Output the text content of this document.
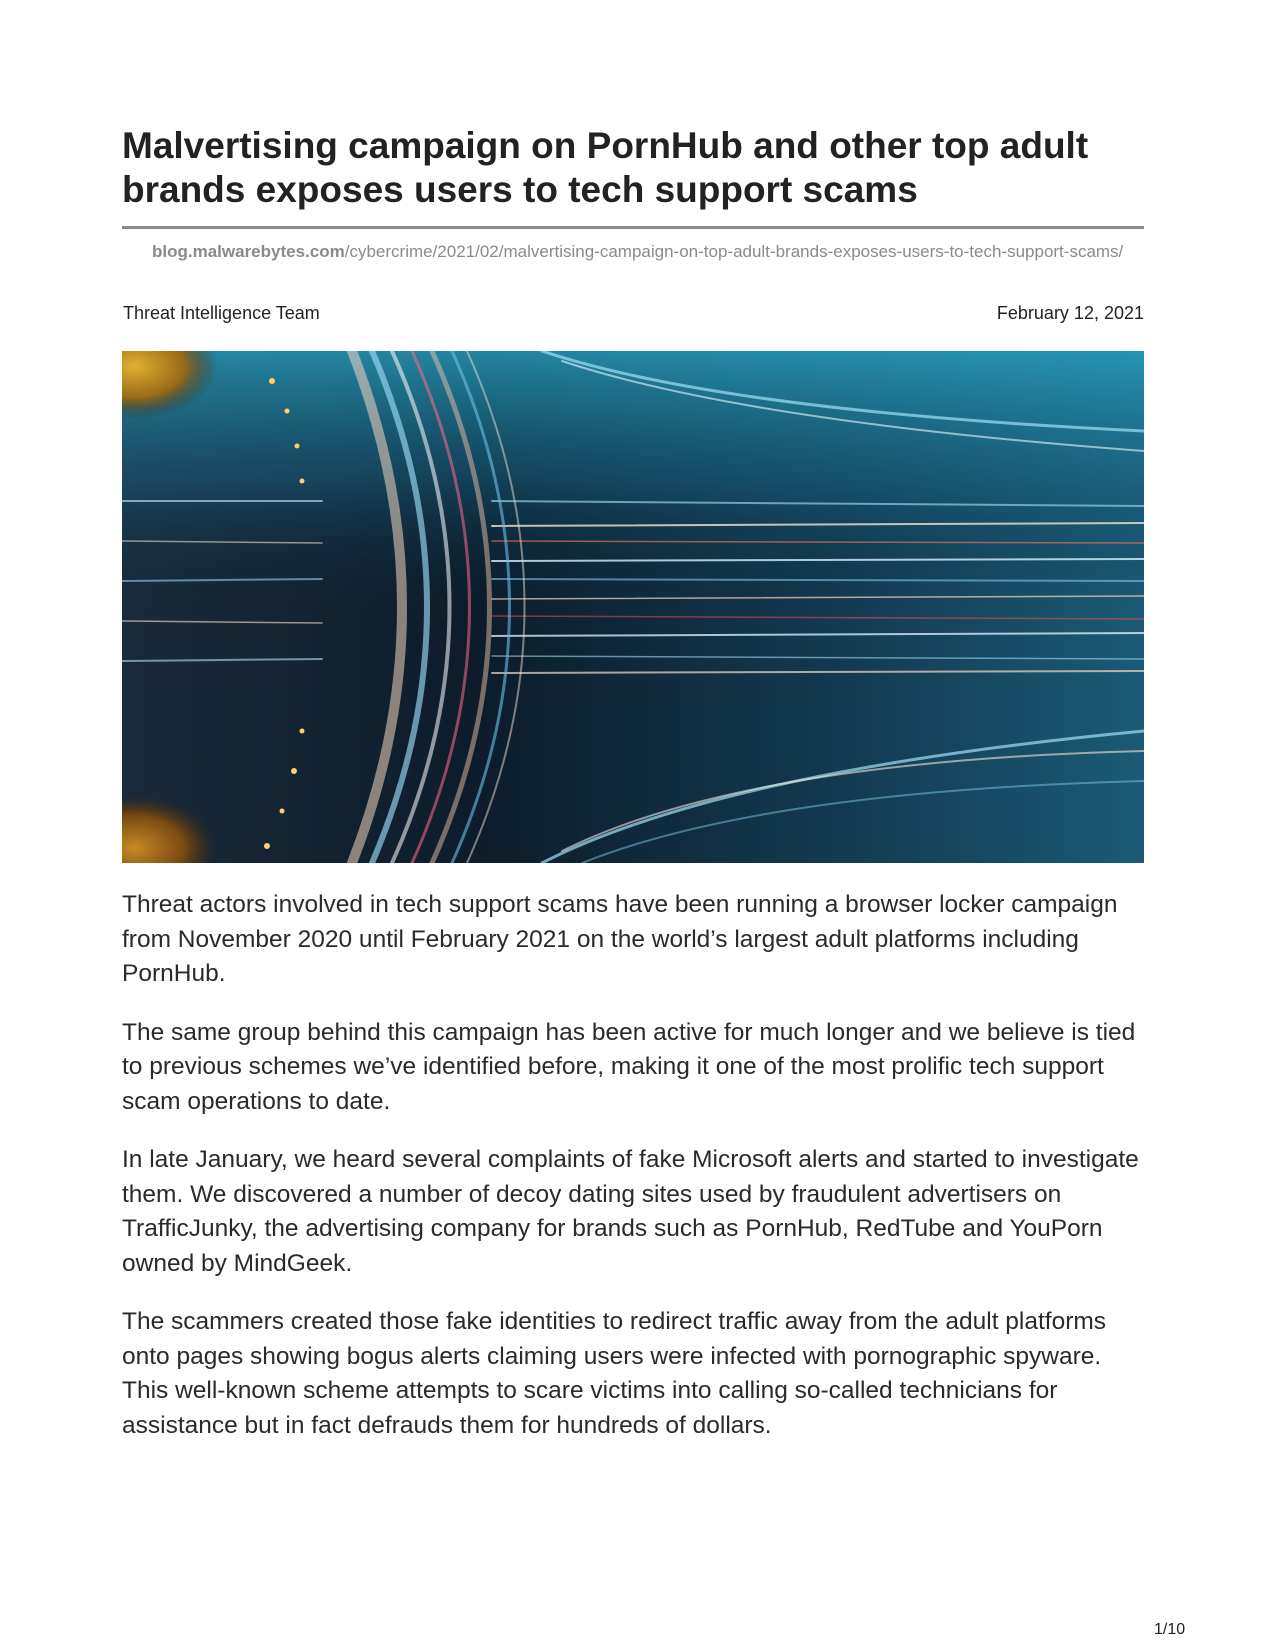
Malvertising campaign on PornHub and other top adult brands exposes users to tech support scams

blog.malwarebytes.com/cybercrime/2021/02/malvertising-campaign-on-top-adult-brands-exposes-users-to-tech-support-scams/

Threat Intelligence Team	February 12, 2021

Threat actors involved in tech support scams have been running a browser locker campaign from November 2020 until February 2021 on the world’s largest adult platforms including PornHub.

The same group behind this campaign has been active for much longer and we believe is tied to previous schemes we’ve identified before, making it one of the most prolific tech support scam operations to date.

In late January, we heard several complaints of fake Microsoft alerts and started to investigate them. We discovered a number of decoy dating sites used by fraudulent advertisers on TrafficJunky, the advertising company for brands such as PornHub, RedTube and YouPorn owned by MindGeek.

The scammers created those fake identities to redirect traffic away from the adult platforms onto pages showing bogus alerts claiming users were infected with pornographic spyware. This well-known scheme attempts to scare victims into calling so-called technicians for assistance but in fact defrauds them for hundreds of dollars.

1/10
